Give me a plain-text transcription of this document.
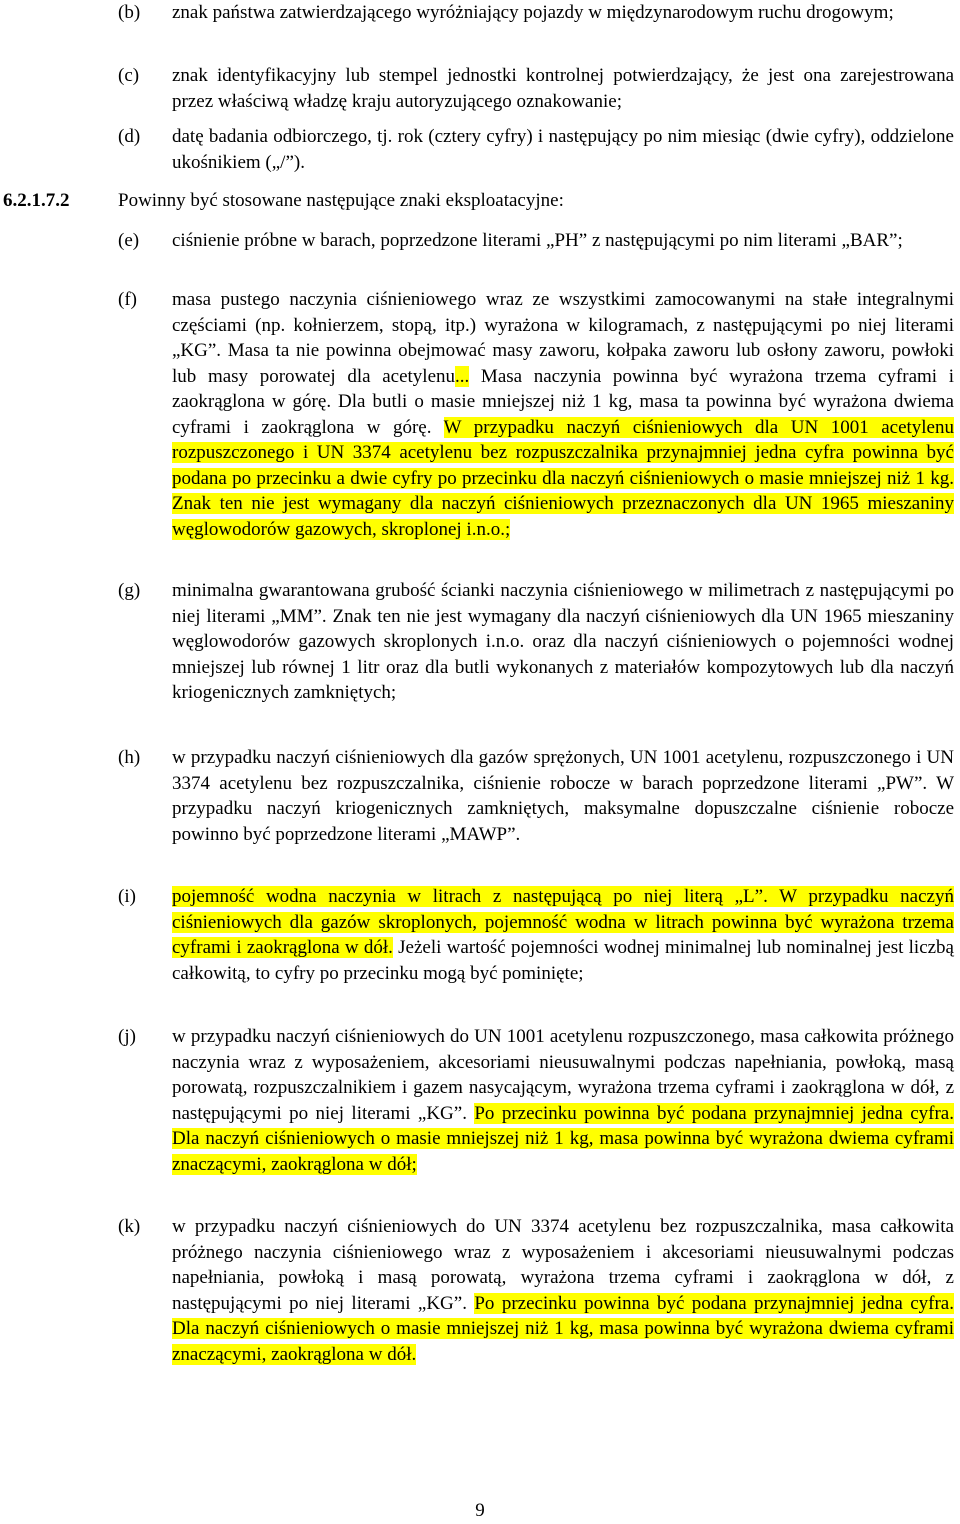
(b)	znak państwa zatwierdzającego wyróżniający pojazdy w międzynarodowym ruchu drogowym;
(c)	znak identyfikacyjny lub stempel jednostki kontrolnej potwierdzający, że jest ona zarejestrowana przez właściwą władzę kraju autoryzującego oznakowanie;
(d)	datę badania odbiorczego, tj. rok (cztery cyfry) i następujący po nim miesiąc (dwie cyfry), oddzielone ukośnikiem („/”).
6.2.1.7.2	Powinny być stosowane następujące znaki eksploatacyjne:
(e)	ciśnienie próbne w barach, poprzedzone literami „PH” z następującymi po nim literami „BAR”;
(f)	masa pustego naczynia ciśnieniowego wraz ze wszystkimi zamocowanymi na stałe integralnymi częściami (np. kołnierzem, stopą, itp.) wyrażona w kilogramach, z następującymi po niej literami „KG”. Masa ta nie powinna obejmować masy zaworu, kołpaka zaworu lub osłony zaworu, powłoki lub masy porowatej dla acetylenu... Masa naczynia powinna być wyrażona trzema cyframi i zaokrąglona w górę. Dla butli o masie mniejszej niż 1 kg, masa ta powinna być wyrażona dwiema cyframi i zaokrąglona w górę. W przypadku naczyń ciśnieniowych dla UN 1001 acetylenu rozpuszczonego i UN 3374 acetylenu bez rozpuszczalnika przynajmniej jedna cyfra powinna być podana po przecinku a dwie cyfry po przecinku dla naczyń ciśnieniowych o masie mniejszej niż 1 kg. Znak ten nie jest wymagany dla naczyń ciśnieniowych przeznaczonych dla UN 1965 mieszaniny węglowodorów gazowych, skroplonej i.n.o.;
(g)	minimalna gwarantowana grubość ścianki naczynia ciśnieniowego w milimetrach z następującymi po niej literami „MM”. Znak ten nie jest wymagany dla naczyń ciśnieniowych dla UN 1965 mieszaniny węglowodorów gazowych skroplonych i.n.o. oraz dla naczyń ciśnieniowych o pojemności wodnej mniejszej lub równej 1 litr oraz dla butli wykonanych z materiałów kompozytowych lub dla naczyń kriogenicznych zamkniętych;
(h)	w przypadku naczyń ciśnieniowych dla gazów sprężonych, UN 1001 acetylenu, rozpuszczonego i UN 3374 acetylenu bez rozpuszczalnika, ciśnienie robocze w barach poprzedzone literami „PW”. W przypadku naczyń kriogenicznych zamkniętych, maksymalne dopuszczalne ciśnienie robocze powinno być poprzedzone literami „MAWP”.
(i)	pojemność wodna naczynia w litrach z następującą po niej literą „L”. W przypadku naczyń ciśnieniowych dla gazów skroplonych, pojemność wodna w litrach powinna być wyrażona trzema cyframi i zaokrąglona w dół. Jeżeli wartość pojemności wodnej minimalnej lub nominalnej jest liczbą całkowitą, to cyfry po przecinku mogą być pominięte;
(j)	w przypadku naczyń ciśnieniowych do UN 1001 acetylenu rozpuszczonego, masa całkowita próżnego naczynia wraz z wyposażeniem, akcesoriami nieusuwalnymi podczas napełniania, powłoką, masą porowatą, rozpuszczalnikiem i gazem nasycającym, wyrażona trzema cyframi i zaokrąglona w dół, z następującymi po niej literami „KG”. Po przecinku powinna być podana przynajmniej jedna cyfra. Dla naczyń ciśnieniowych o masie mniejszej niż 1 kg, masa powinna być wyrażona dwiema cyframi znaczącymi, zaokrąglona w dół;
(k)	w przypadku naczyń ciśnieniowych do UN 3374 acetylenu bez rozpuszczalnika, masa całkowita próżnego naczynia ciśnieniowego wraz z wyposażeniem i akcesoriami nieusuwalnymi podczas napełniania, powłoką i masą porowatą, wyrażona trzema cyframi i zaokrąglona w dół, z następującymi po niej literami „KG”. Po przecinku powinna być podana przynajmniej jedna cyfra. Dla naczyń ciśnieniowych o masie mniejszej niż 1 kg, masa powinna być wyrażona dwiema cyframi znaczącymi, zaokrąglona w dół.
9
